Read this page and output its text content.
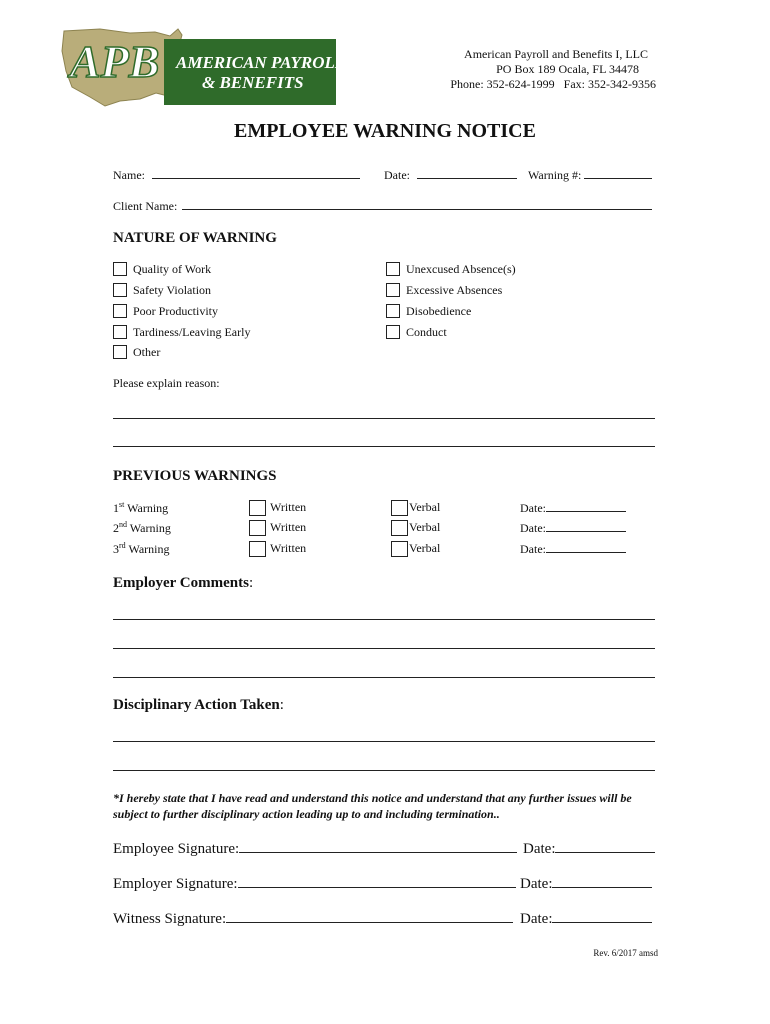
APB AMERICAN PAYROLL
& BENEFITS
American Payroll and Benefits I, LLC
PO Box 189 Ocala, FL 34478
Phone: 352-624-1999   Fax: 352-342-9356
EMPLOYEE WARNING NOTICE
Name:	Date:	Warning #:
Client Name:
NATURE OF WARNING
Quality of Work
Safety Violation
Poor Productivity
Tardiness/Leaving Early
Other
Unexcused Absence(s)
Excessive Absences
Disobedience
Conduct
Please explain reason:
PREVIOUS WARNINGS
1st Warning	Written	Verbal	Date:
2nd Warning	Written	Verbal	Date:
3rd Warning	Written	Verbal	Date:
Employer Comments:
Disciplinary Action Taken:
*I hereby state that I have read and understand this notice and understand that any further issues will be subject to further disciplinary action leading up to and including termination..
Employee Signature:	Date:
Employer Signature:	Date:
Witness Signature:	Date:
Rev. 6/2017 amsd
